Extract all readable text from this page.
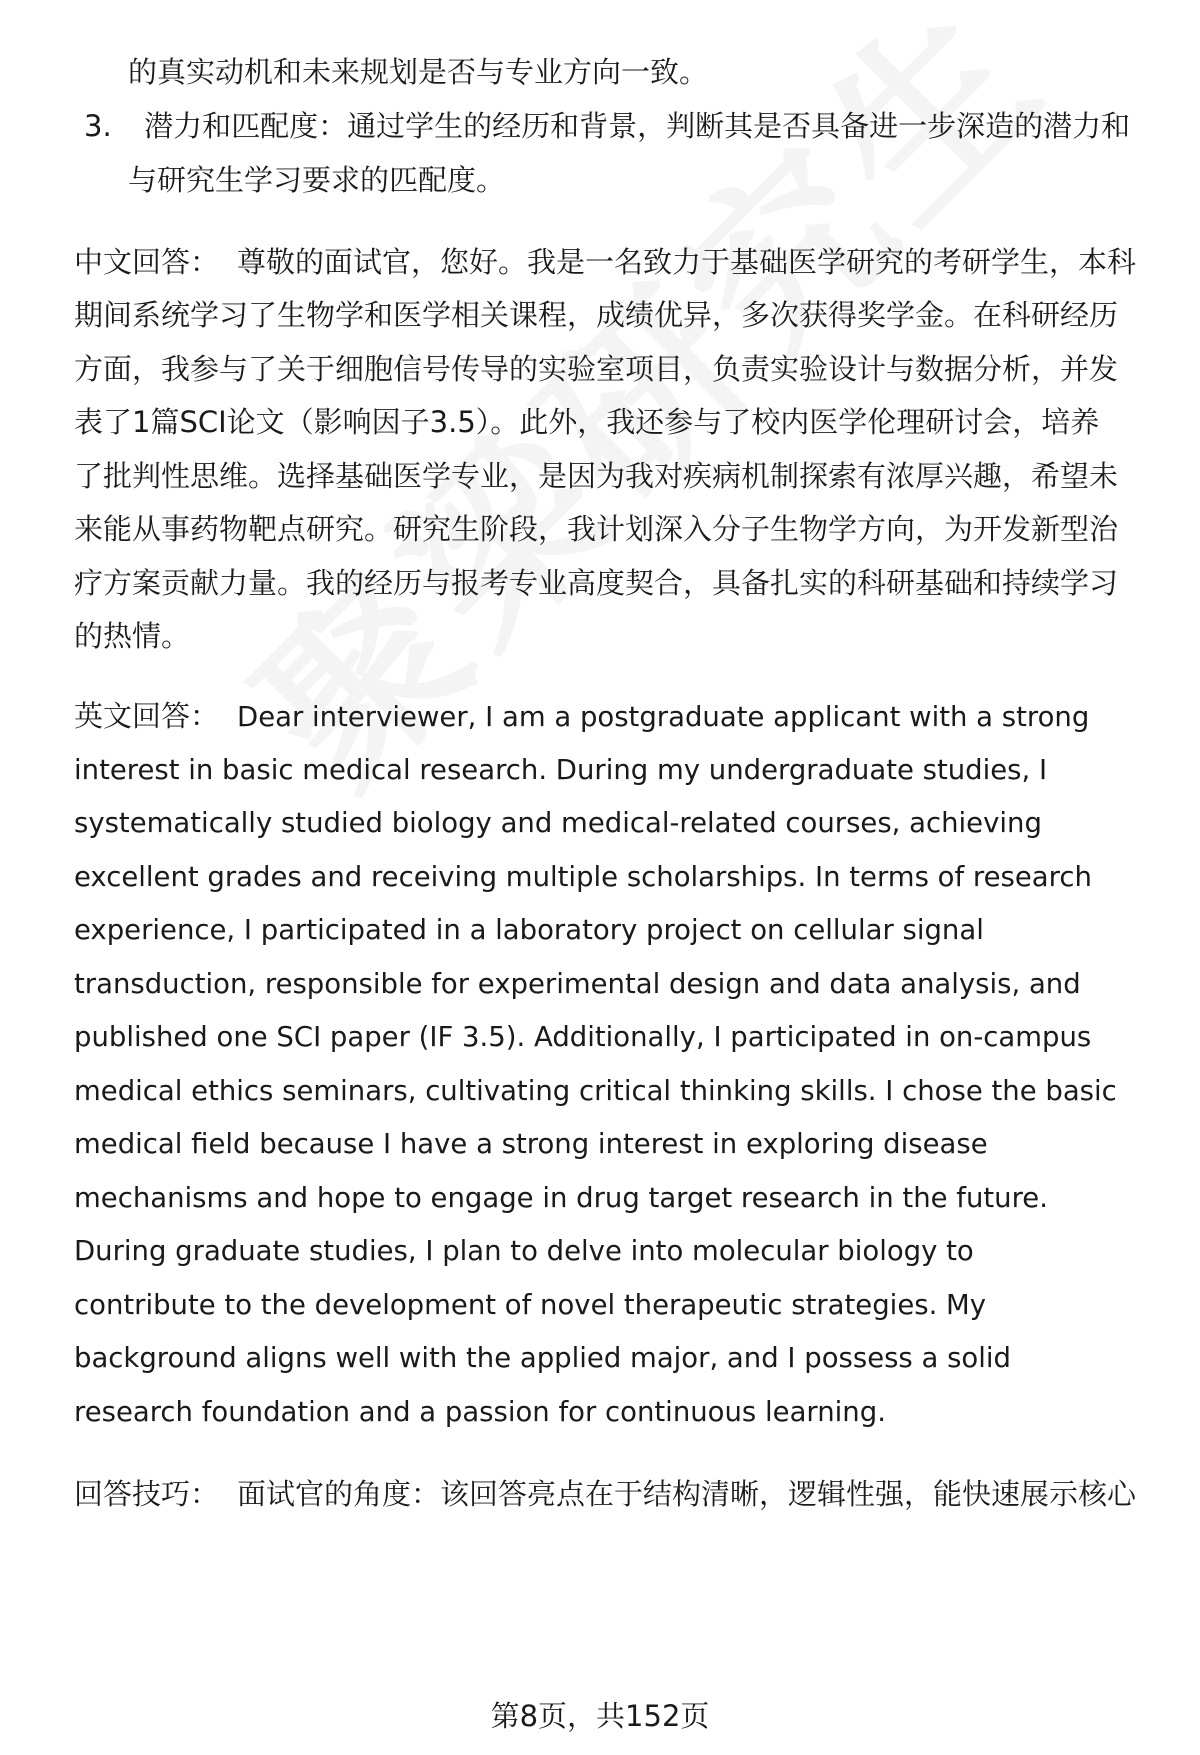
的真实动机和未来规划是否与专业方向一致。
3. 潜力和匹配度：通过学生的经历和背景，判断其是否具备进一步深造的潜力和
与研究生学习要求的匹配度。
中文回答： 尊敬的面试官，您好。我是一名致力于基础医学研究的考研学生，本科
期间系统学习了生物学和医学相关课程，成绩优异，多次获得奖学金。在科研经历
方面，我参与了关于细胞信号传导的实验室项目，负责实验设计与数据分析，并发
表了1篇SCI论文（影响因子3.5）。此外，我还参与了校内医学伦理研讨会，培养
了批判性思维。选择基础医学专业，是因为我对疾病机制探索有浓厚兴趣，希望未
来能从事药物靶点研究。研究生阶段，我计划深入分子生物学方向，为开发新型治
疗方案贡献力量。我的经历与报考专业高度契合，具备扎实的科研基础和持续学习
的热情。
英文回答： Dear interviewer, I am a postgraduate applicant with a strong
interest in basic medical research. During my undergraduate studies, I
systematically studied biology and medical-related courses, achieving
excellent grades and receiving multiple scholarships. In terms of research
experience, I participated in a laboratory project on cellular signal
transduction, responsible for experimental design and data analysis, and
published one SCI paper (IF 3.5). Additionally, I participated in on-campus
medical ethics seminars, cultivating critical thinking skills. I chose the basic
medical field because I have a strong interest in exploring disease
mechanisms and hope to engage in drug target research in the future.
During graduate studies, I plan to delve into molecular biology to
contribute to the development of novel therapeutic strategies. My
background aligns well with the applied major, and I possess a solid
research foundation and a passion for continuous learning.
回答技巧： 面试官的角度：该回答亮点在于结构清晰，逻辑性强，能快速展示核心
第8页，共152页
